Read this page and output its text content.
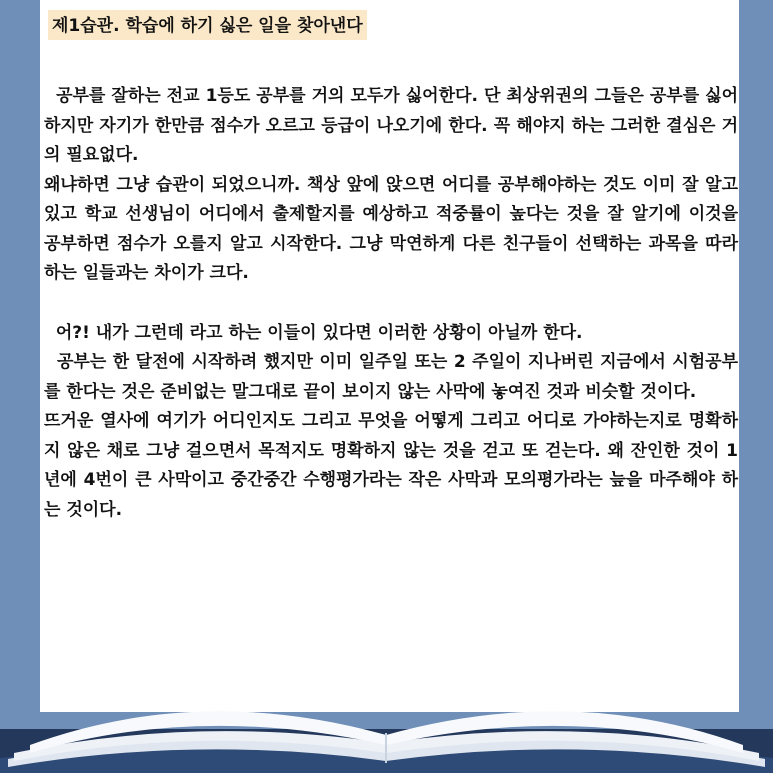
제1습관. 학습에 하기 싫은 일을 찾아낸다

공부를 잘하는 전교 1등도 공부를 거의 모두가 싫어한다. 단 최상위권의 그들은 공부를 싫어하지만 자기가 한만큼 점수가 오르고 등급이 나오기에 한다. 꼭 해야지 하는 그러한 결심은 거의 필요없다.
왜냐하면 그냥 습관이 되었으니까. 책상 앞에 앉으면 어디를 공부해야하는 것도 이미 잘 알고 있고 학교 선생님이 어디에서 출제할지를 예상하고 적중률이 높다는 것을 잘 알기에 이것을 공부하면 점수가 오를지 알고 시작한다. 그냥 막연하게 다른 친구들이 선택하는 과목을 따라하는 일들과는 차이가 크다.

어?! 내가 그런데 라고 하는 이들이 있다면 이러한 상황이 아닐까 한다.
공부는 한 달전에 시작하려 했지만 이미 일주일 또는 2 주일이 지나버린 지금에서 시험공부를 한다는 것은 준비없는 말그대로 끝이 보이지 않는 사막에 놓여진 것과 비슷할 것이다.
뜨거운 열사에 여기가 어디인지도 그리고 무엇을 어떻게 그리고 어디로 가야하는지로 명확하지 않은 채로 그냥 걸으면서 목적지도 명확하지 않는 것을 걷고 또 걷는다. 왜 잔인한 것이 1년에 4번이 큰 사막이고 중간중간 수행평가라는 작은 사막과 모의평가라는 늪을 마주해야 하는 것이다.
